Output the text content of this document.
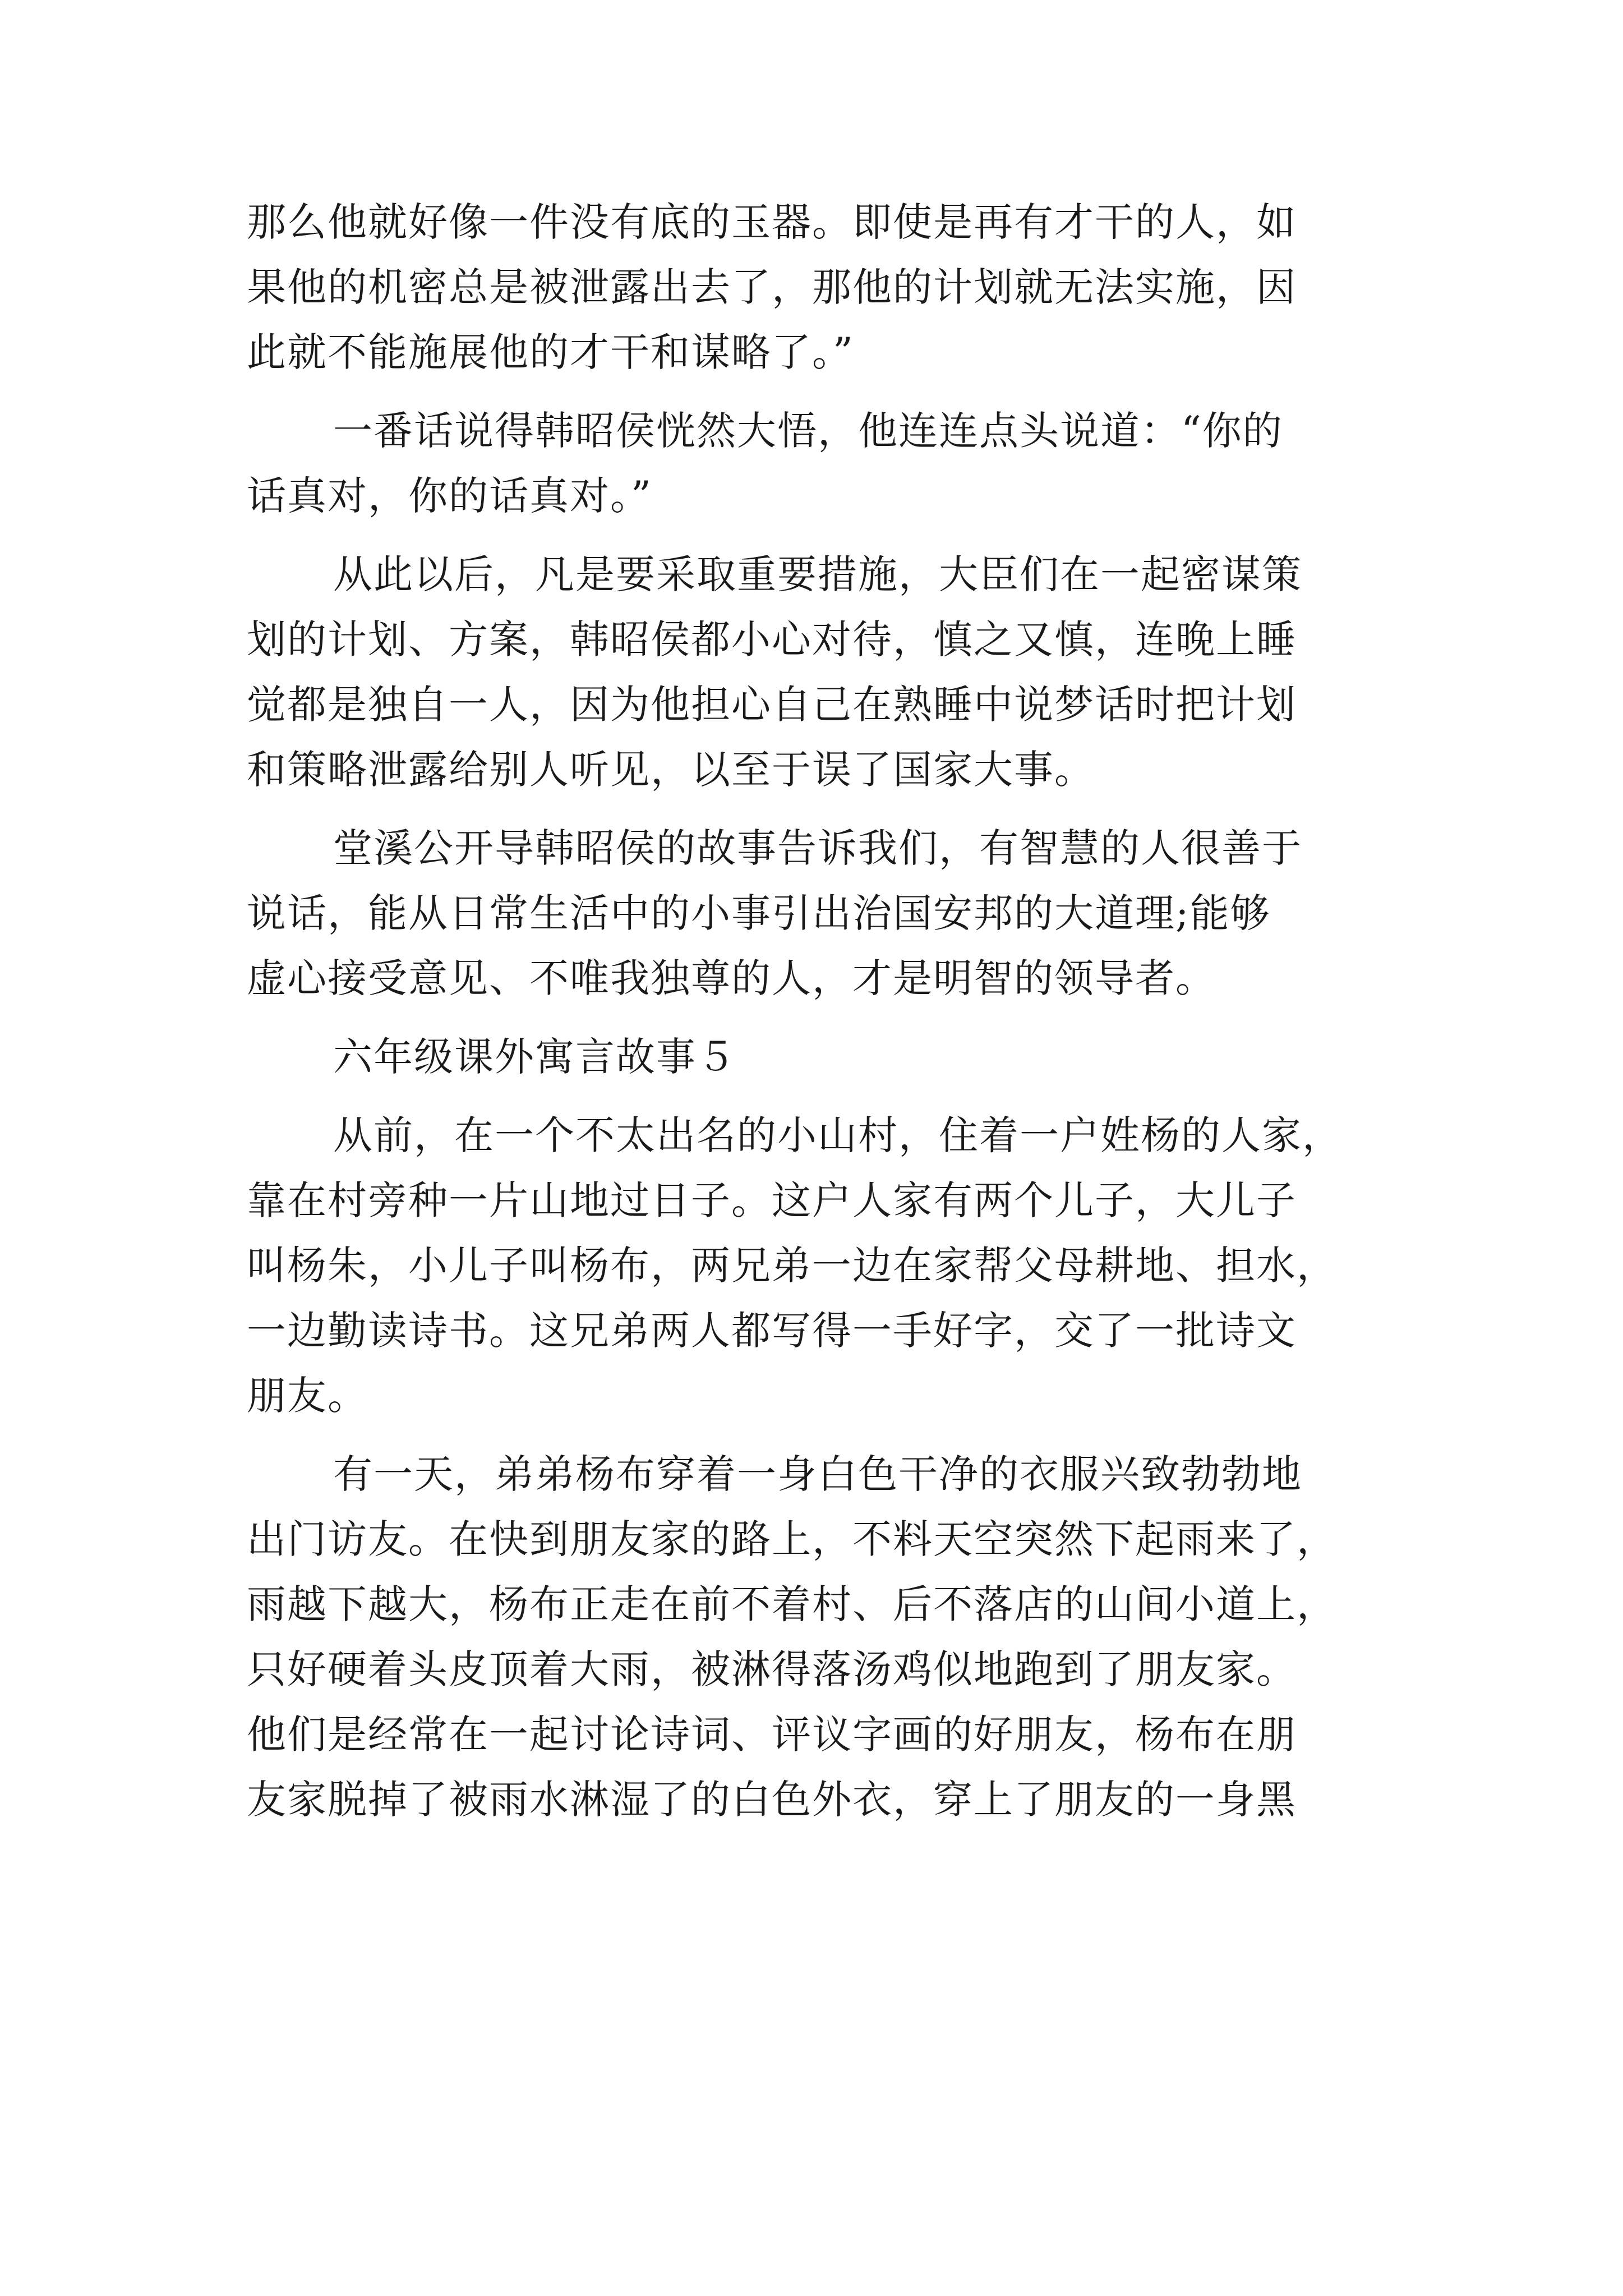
那么他就好像一件没有底的玉器。即使是再有才干的人，如
果他的机密总是被泄露出去了，那他的计划就无法实施，因
此就不能施展他的才干和谋略了。”
一番话说得韩昭侯恍然大悟，他连连点头说道：“你的
话真对，你的话真对。”
从此以后，凡是要采取重要措施，大臣们在一起密谋策
划的计划、方案，韩昭侯都小心对待，慎之又慎，连晚上睡
觉都是独自一人，因为他担心自己在熟睡中说梦话时把计划
和策略泄露给别人听见，以至于误了国家大事。
堂溪公开导韩昭侯的故事告诉我们，有智慧的人很善于
说话，能从日常生活中的小事引出治国安邦的大道理;能够
虚心接受意见、不唯我独尊的人，才是明智的领导者。
六年级课外寓言故事５
从前，在一个不太出名的小山村，住着一户姓杨的人家，
靠在村旁种一片山地过日子。这户人家有两个儿子，大儿子
叫杨朱，小儿子叫杨布，两兄弟一边在家帮父母耕地、担水，
一边勤读诗书。这兄弟两人都写得一手好字，交了一批诗文
朋友。
有一天，弟弟杨布穿着一身白色干净的衣服兴致勃勃地
出门访友。在快到朋友家的路上，不料天空突然下起雨来了，
雨越下越大，杨布正走在前不着村、后不落店的山间小道上，
只好硬着头皮顶着大雨，被淋得落汤鸡似地跑到了朋友家。
他们是经常在一起讨论诗词、评议字画的好朋友，杨布在朋
友家脱掉了被雨水淋湿了的白色外衣，穿上了朋友的一身黑
